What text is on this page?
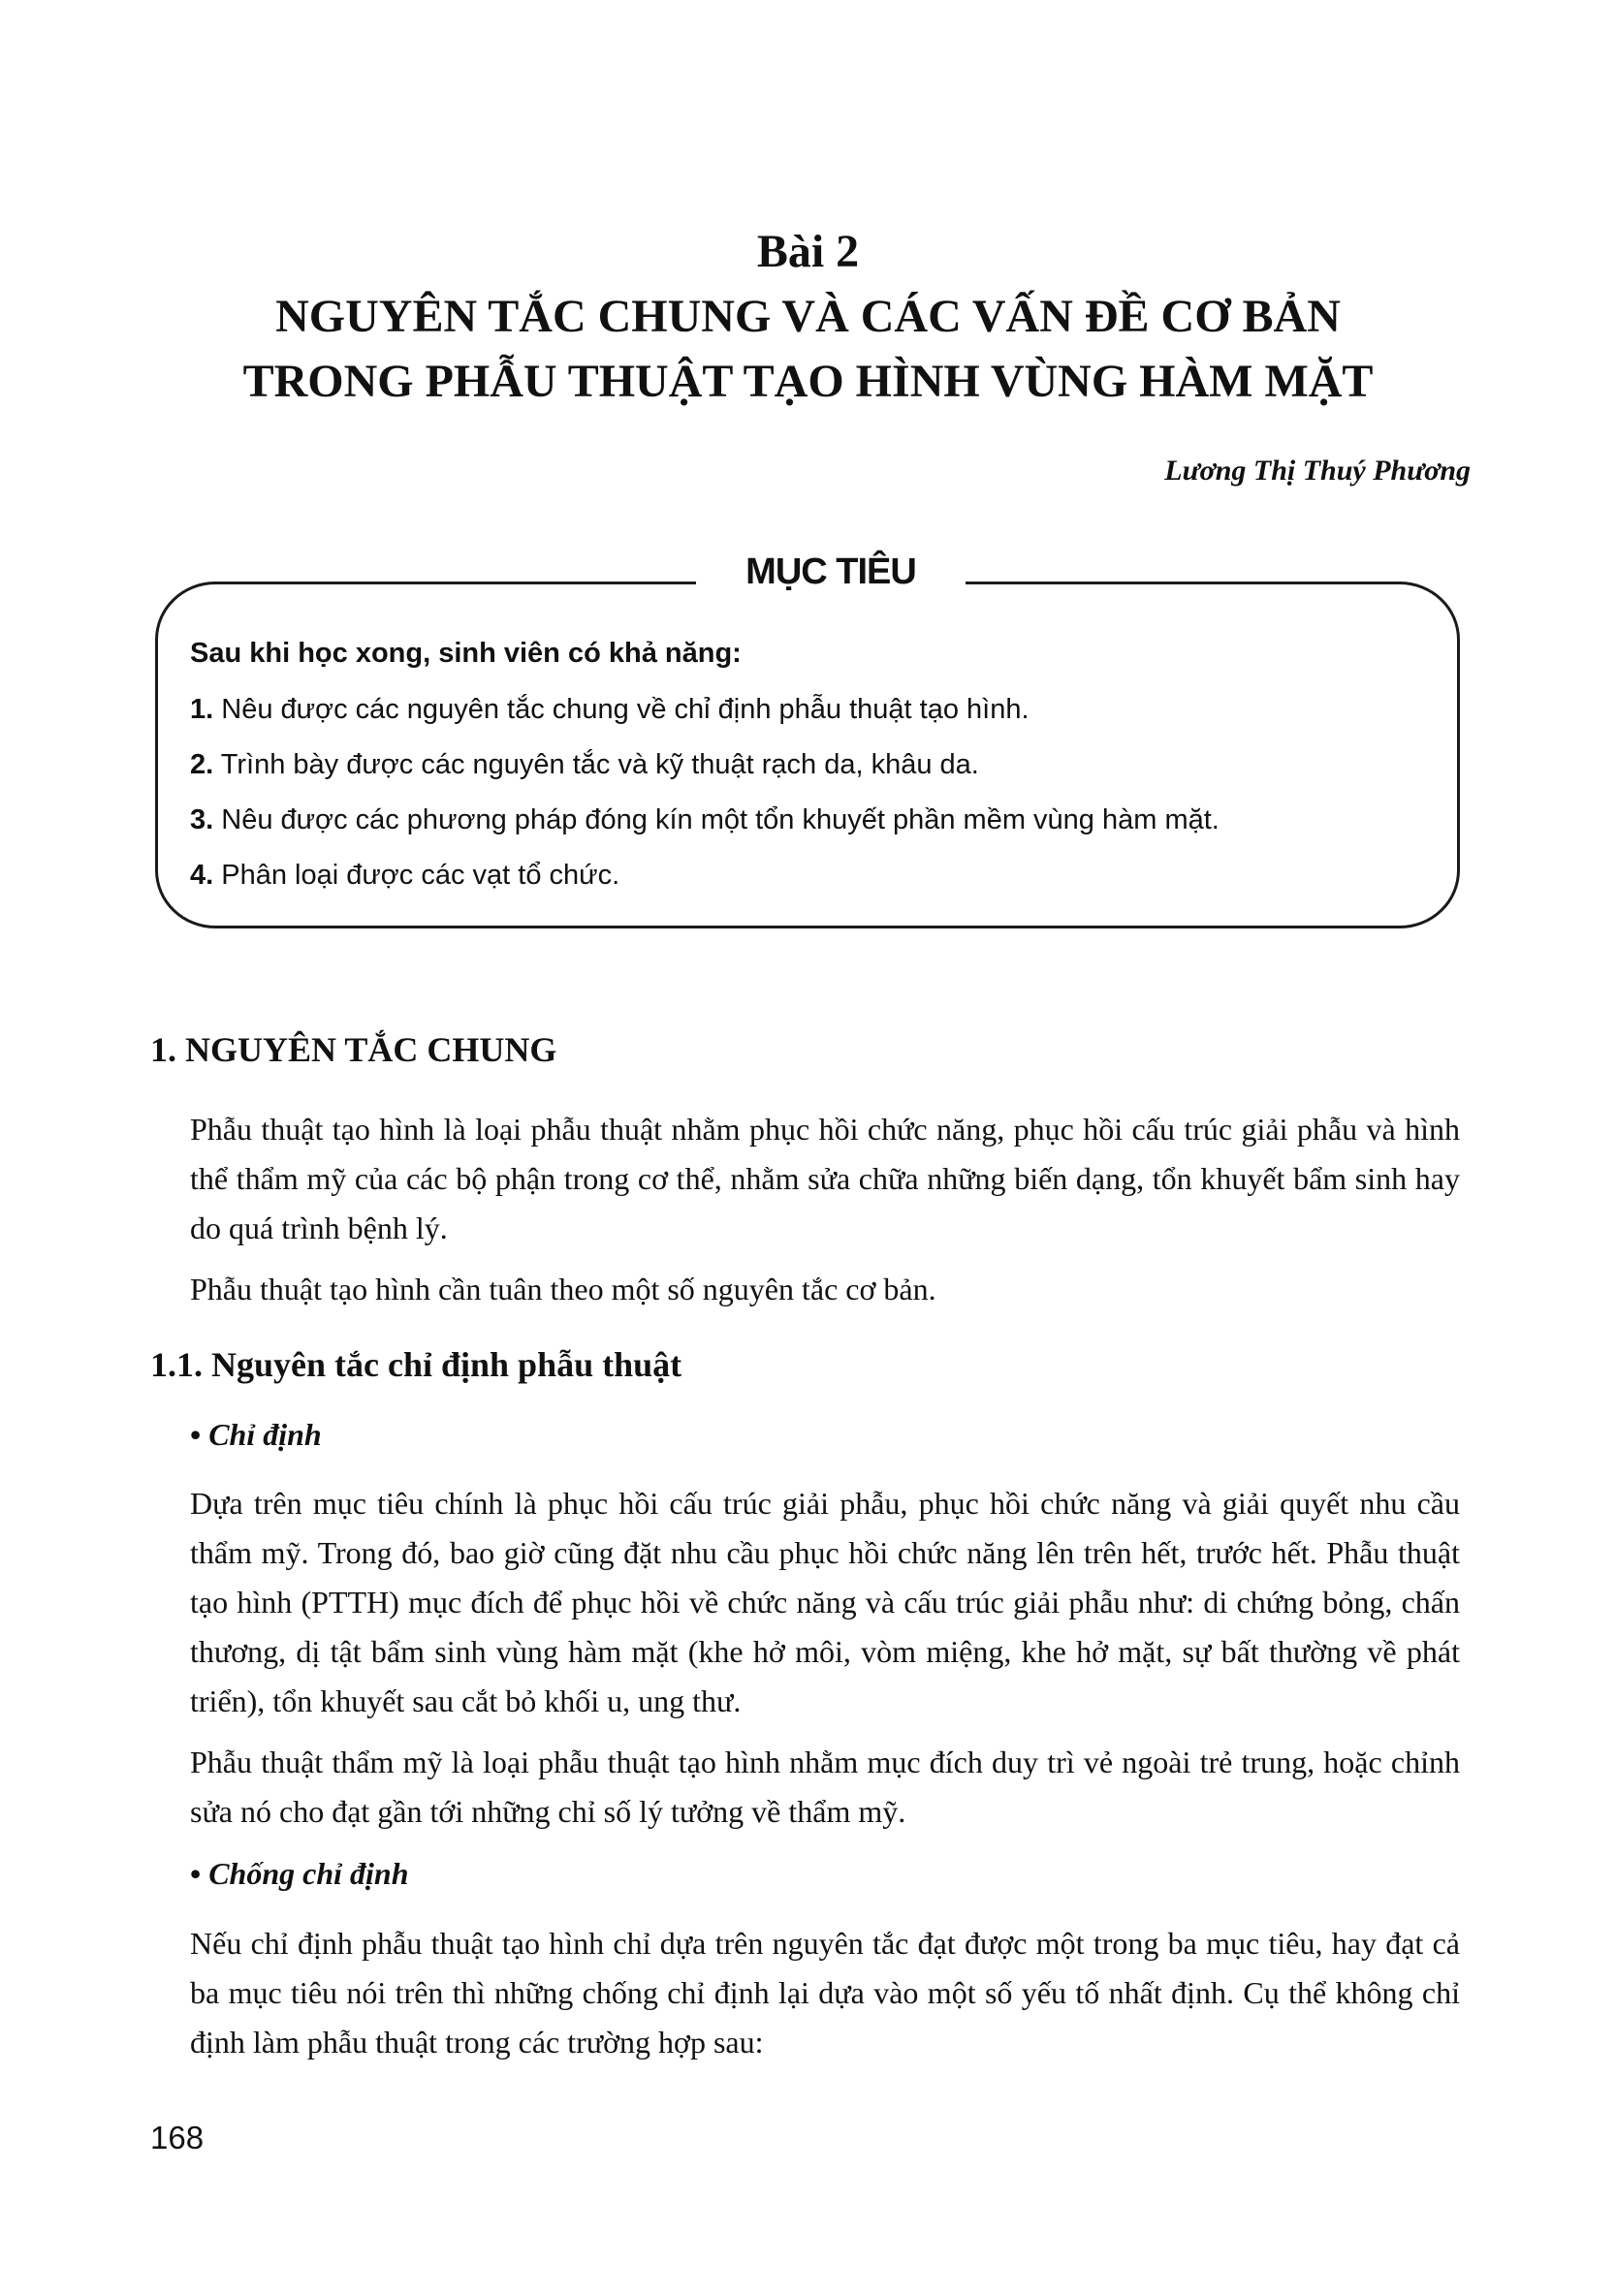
Bài 2
NGUYÊN TẮC CHUNG VÀ CÁC VẤN ĐỀ CƠ BẢN
TRONG PHẪU THUẬT TẠO HÌNH VÙNG HÀM MẶT
Lương Thị Thuý Phương
MỤC TIÊU
Sau khi học xong, sinh viên có khả năng:
1. Nêu được các nguyên tắc chung về chỉ định phẫu thuật tạo hình.
2. Trình bày được các nguyên tắc và kỹ thuật rạch da, khâu da.
3. Nêu được các phương pháp đóng kín một tổn khuyết phần mềm vùng hàm mặt.
4. Phân loại được các vạt tổ chức.
1. NGUYÊN TẮC CHUNG

Phẫu thuật tạo hình là loại phẫu thuật nhằm phục hồi chức năng, phục hồi cấu trúc giải phẫu và hình thể thẩm mỹ của các bộ phận trong cơ thể, nhằm sửa chữa những biến dạng, tổn khuyết bẩm sinh hay do quá trình bệnh lý.

Phẫu thuật tạo hình cần tuân theo một số nguyên tắc cơ bản.

1.1. Nguyên tắc chỉ định phẫu thuật
• Chỉ định

Dựa trên mục tiêu chính là phục hồi cấu trúc giải phẫu, phục hồi chức năng và giải quyết nhu cầu thẩm mỹ. Trong đó, bao giờ cũng đặt nhu cầu phục hồi chức năng lên trên hết, trước hết. Phẫu thuật tạo hình (PTTH) mục đích để phục hồi về chức năng và cấu trúc giải phẫu như: di chứng bỏng, chấn thương, dị tật bẩm sinh vùng hàm mặt (khe hở môi, vòm miệng, khe hở mặt, sự bất thường về phát triển), tổn khuyết sau cắt bỏ khối u, ung thư.

Phẫu thuật thẩm mỹ là loại phẫu thuật tạo hình nhằm mục đích duy trì vẻ ngoài trẻ trung, hoặc chỉnh sửa nó cho đạt gần tới những chỉ số lý tưởng về thẩm mỹ.

• Chống chỉ định

Nếu chỉ định phẫu thuật tạo hình chỉ dựa trên nguyên tắc đạt được một trong ba mục tiêu, hay đạt cả ba mục tiêu nói trên thì những chống chỉ định lại dựa vào một số yếu tố nhất định. Cụ thể không chỉ định làm phẫu thuật trong các trường hợp sau:

168
